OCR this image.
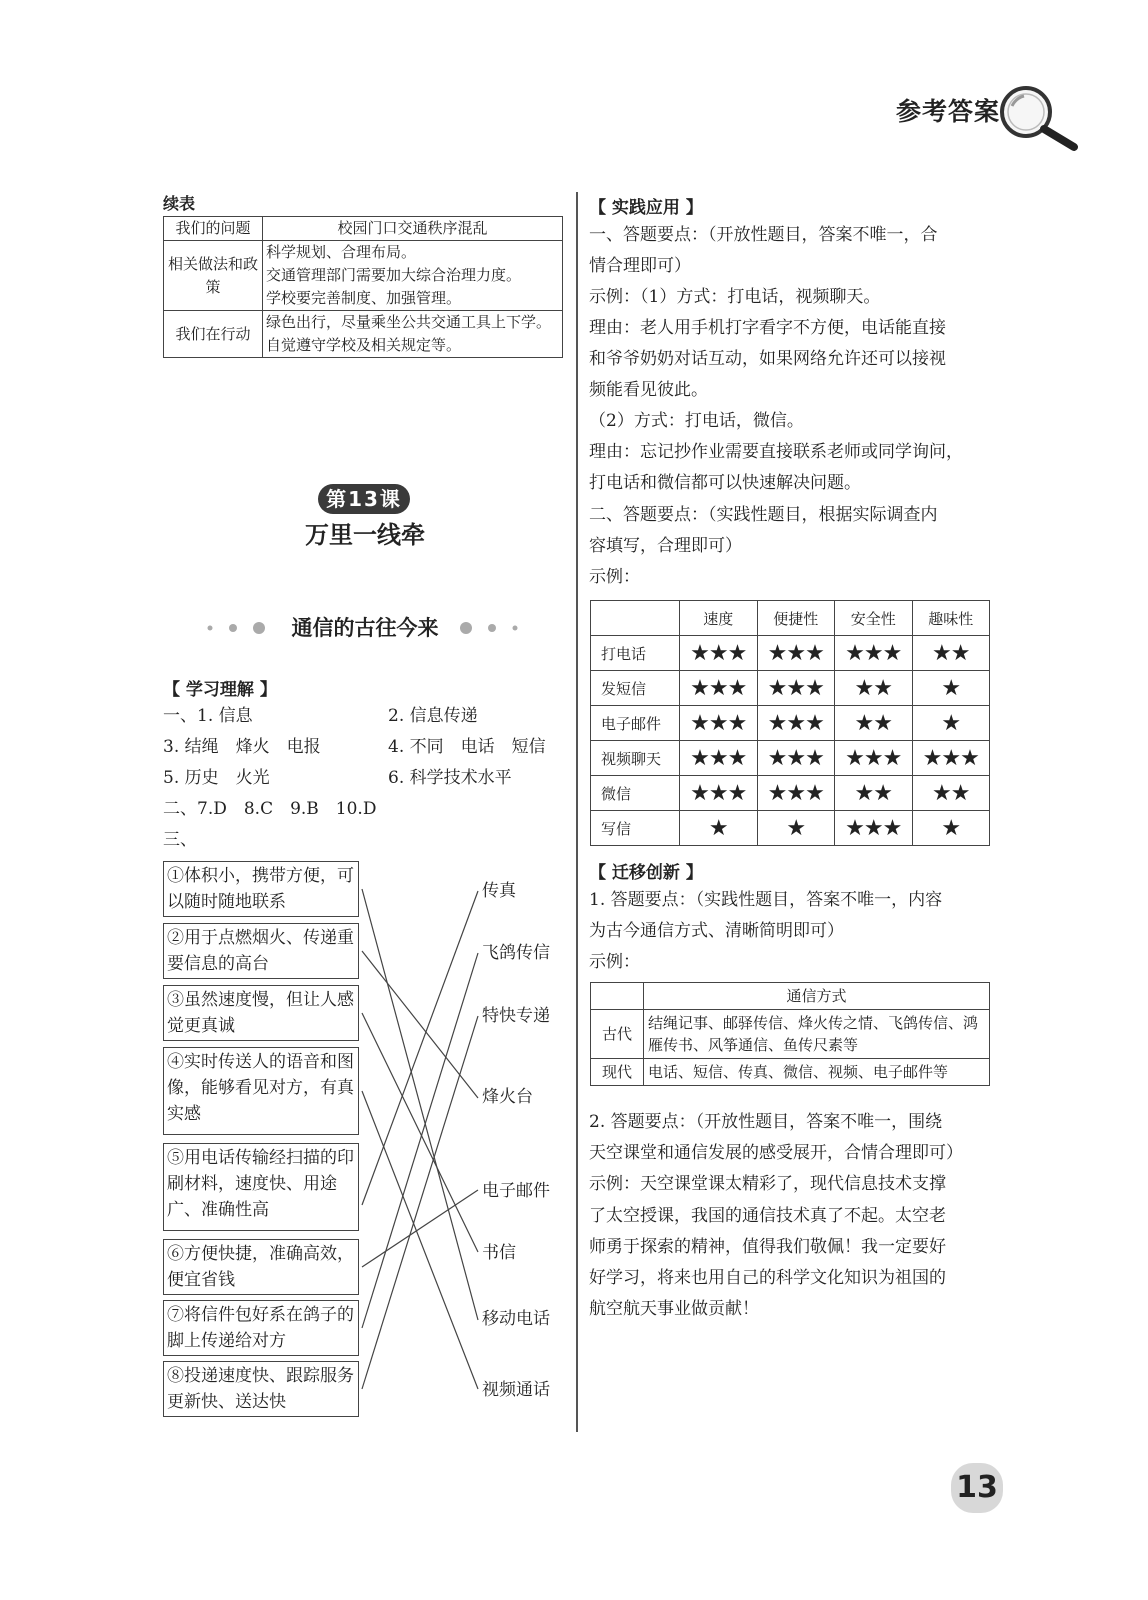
参考答案
续表
我们的问题	校园门口交通秩序混乱
相关做法和政策	科学规划、合理布局。
交通管理部门需要加大综合治理力度。
学校要完善制度、加强管理。

我们在行动	绿色出行，尽量乘坐公共交通工具上下学。
自觉遵守学校及相关规定等。
第13课
万里一线牵
通信的古往今来
【 学习理解 】
一、1. 信息	2. 信息传递
3. 结绳　烽火　电报	4. 不同　电话　短信
5. 历史　火光	6. 科学技术水平
二、7.D　8.C　9.B　10.D
三、
①体积小，携带方便，可以随时随地联系
②用于点燃烟火、传递重要信息的高台
③虽然速度慢，但让人感觉更真诚
④实时传送人的语音和图像，能够看见对方，有真实感
⑤用电话传输经扫描的印刷材料，速度快、用途广、准确性高
⑥方便快捷，准确高效，便宜省钱
⑦将信件包好系在鸽子的脚上传递给对方
⑧投递速度快、跟踪服务更新快、送达快
传真
飞鸽传信
特快专递
烽火台
电子邮件
书信
移动电话
视频通话
【 实践应用 】
一、答题要点：（开放性题目，答案不唯一，合
情合理即可）
示例：（1）方式：打电话，视频聊天。
理由：老人用手机打字看字不方便，电话能直接
和爷爷奶奶对话互动，如果网络允许还可以接视
频能看见彼此。
（2）方式：打电话，微信。
理由：忘记抄作业需要直接联系老师或同学询问，
打电话和微信都可以快速解决问题。
二、答题要点：（实践性题目，根据实际调查内
容填写，合理即可）
示例：
	速度	便捷性	安全性	趣味性
打电话	★★★	★★★	★★★	★★
发短信	★★★	★★★	★★	★
电子邮件	★★★	★★★	★★	★
视频聊天	★★★	★★★	★★★	★★★
微信	★★★	★★★	★★	★★
写信	★	★	★★★	★
【 迁移创新 】
1. 答题要点：（实践性题目，答案不唯一，内容
为古今通信方式、清晰简明即可）
示例：
	通信方式
古代	结绳记事、邮驿传信、烽火传之情、飞鸽传信、鸿雁传书、风筝通信、鱼传尺素等
现代	电话、短信、传真、微信、视频、电子邮件等
2. 答题要点：（开放性题目，答案不唯一，围绕
天空课堂和通信发展的感受展开，合情合理即可）
示例：天空课堂课太精彩了，现代信息技术支撑
了太空授课，我国的通信技术真了不起。太空老
师勇于探索的精神，值得我们敬佩！我一定要好
好学习，将来也用自己的科学文化知识为祖国的
航空航天事业做贡献！
13
